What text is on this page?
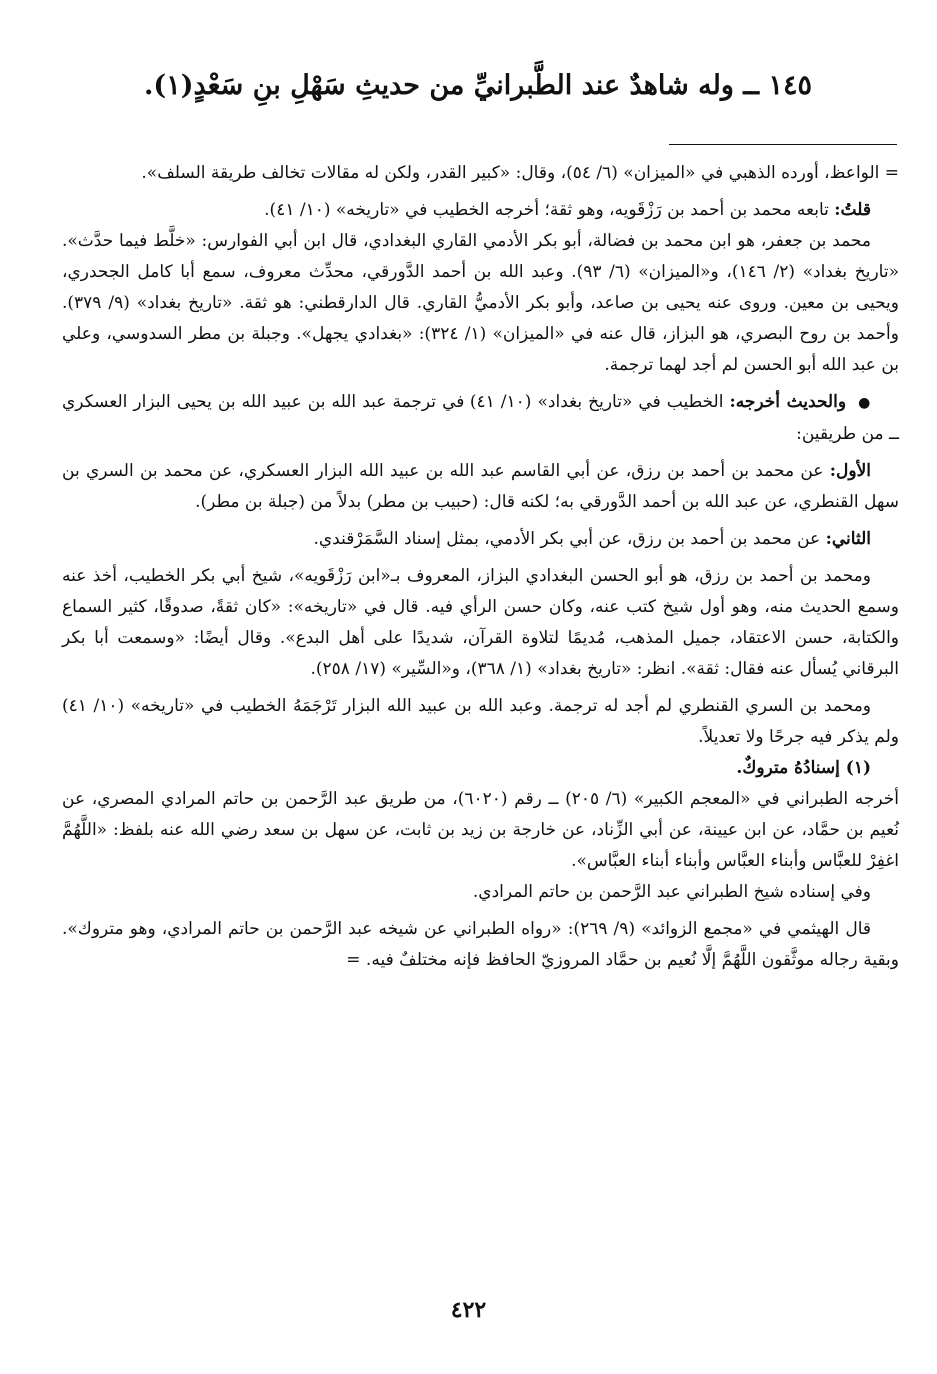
١٤٥ ــ وله شاهدٌ عند الطَّبرانيِّ من حديثِ سَهْلِ بنِ سَعْدٍ(١).

= الواعظ، أورده الذهبي في «الميزان» (٦/ ٥٤)، وقال: «كبير القدر، ولكن له مقالات تخالف طريقة السلف».

قلتُ: تابعه محمد بن أحمد بن رَزْقَويه، وهو ثقة؛ أخرجه الخطيب في «تاريخه» (١٠/ ٤١).

محمد بن جعفر، هو ابن محمد بن فضالة، أبو بكر الأدمي القاري البغدادي، قال ابن أبي الفوارس: «خلَّط فيما حدَّث». «تاريخ بغداد» (٢/ ١٤٦)، و«الميزان» (٦/ ٩٣). وعبد الله بن أحمد الدَّورقي، محدِّث معروف، سمع أبا كامل الجحدري، ويحيى بن معين. وروى عنه يحيى بن صاعد، وأبو بكر الأدميُّ القاري. قال الدارقطني: هو ثقة. «تاريخ بغداد» (٩/ ٣٧٩). وأحمد بن روح البصري، هو البزاز، قال عنه في «الميزان» (١/ ٣٢٤): «بغدادي يجهل». وجبلة بن مطر السدوسي، وعلي بن عبد الله أبو الحسن لم أجد لهما ترجمة.

● والحديث أخرجه: الخطيب في «تاريخ بغداد» (١٠/ ٤١) في ترجمة عبد الله بن عبيد الله بن يحيى البزار العسكري ــ من طريقين:

الأول: عن محمد بن أحمد بن رزق، عن أبي القاسم عبد الله بن عبيد الله البزار العسكري، عن محمد بن السري بن سهل القنطري، عن عبد الله بن أحمد الدَّورقي به؛ لكنه قال: (حبيب بن مطر) بدلاً من (جبلة بن مطر).

الثاني: عن محمد بن أحمد بن رزق، عن أبي بكر الأدمي، بمثل إسناد السَّمَرْقندي.

ومحمد بن أحمد بن رزق، هو أبو الحسن البغدادي البزاز، المعروف بـ«ابن رَزْقَويه»، شيخ أبي بكر الخطيب، أخذ عنه وسمع الحديث منه، وهو أول شيخ كتب عنه، وكان حسن الرأي فيه. قال في «تاريخه»: «كان ثقةً، صدوقًا، كثير السماع والكتابة، حسن الاعتقاد، جميل المذهب، مُديمًا لتلاوة القرآن، شديدًا على أهل البدع». وقال أيضًا: «وسمعت أبا بكر البرقاني يُسأل عنه فقال: ثقة». انظر: «تاريخ بغداد» (١/ ٣٦٨)، و«السِّير» (١٧/ ٢٥٨).

ومحمد بن السري القنطري لم أجد له ترجمة. وعبد الله بن عبيد الله البزار تَرْجَمَهُ الخطيب في «تاريخه» (١٠/ ٤١) ولم يذكر فيه جرحًا ولا تعديلاً.

(١) إسنادُهُ متروكٌ.

أخرجه الطبراني في «المعجم الكبير» (٦/ ٢٠٥) ــ رقم (٦٠٢٠)، من طريق عبد الرَّحمن بن حاتم المرادي المصري، عن نُعيم بن حمَّاد، عن ابن عيينة، عن أبي الزِّناد، عن خارجة بن زيد بن ثابت، عن سهل بن سعد رضي الله عنه بلفظ: «اللَّهُمَّ اغفِرْ للعبَّاس وأبناء العبَّاس وأبناء أبناء العبَّاس».

وفي إسناده شيخ الطبراني عبد الرَّحمن بن حاتم المرادي.

قال الهيثمي في «مجمع الزوائد» (٩/ ٢٦٩): «رواه الطبراني عن شيخه عبد الرَّحمن بن حاتم المرادي، وهو متروك». وبقية رجاله موثَّقون اللَّهُمَّ إلَّا نُعيم بن حمَّاد المروزيّ الحافظ فإنه مختلفٌ فيه. =

٤٢٢
